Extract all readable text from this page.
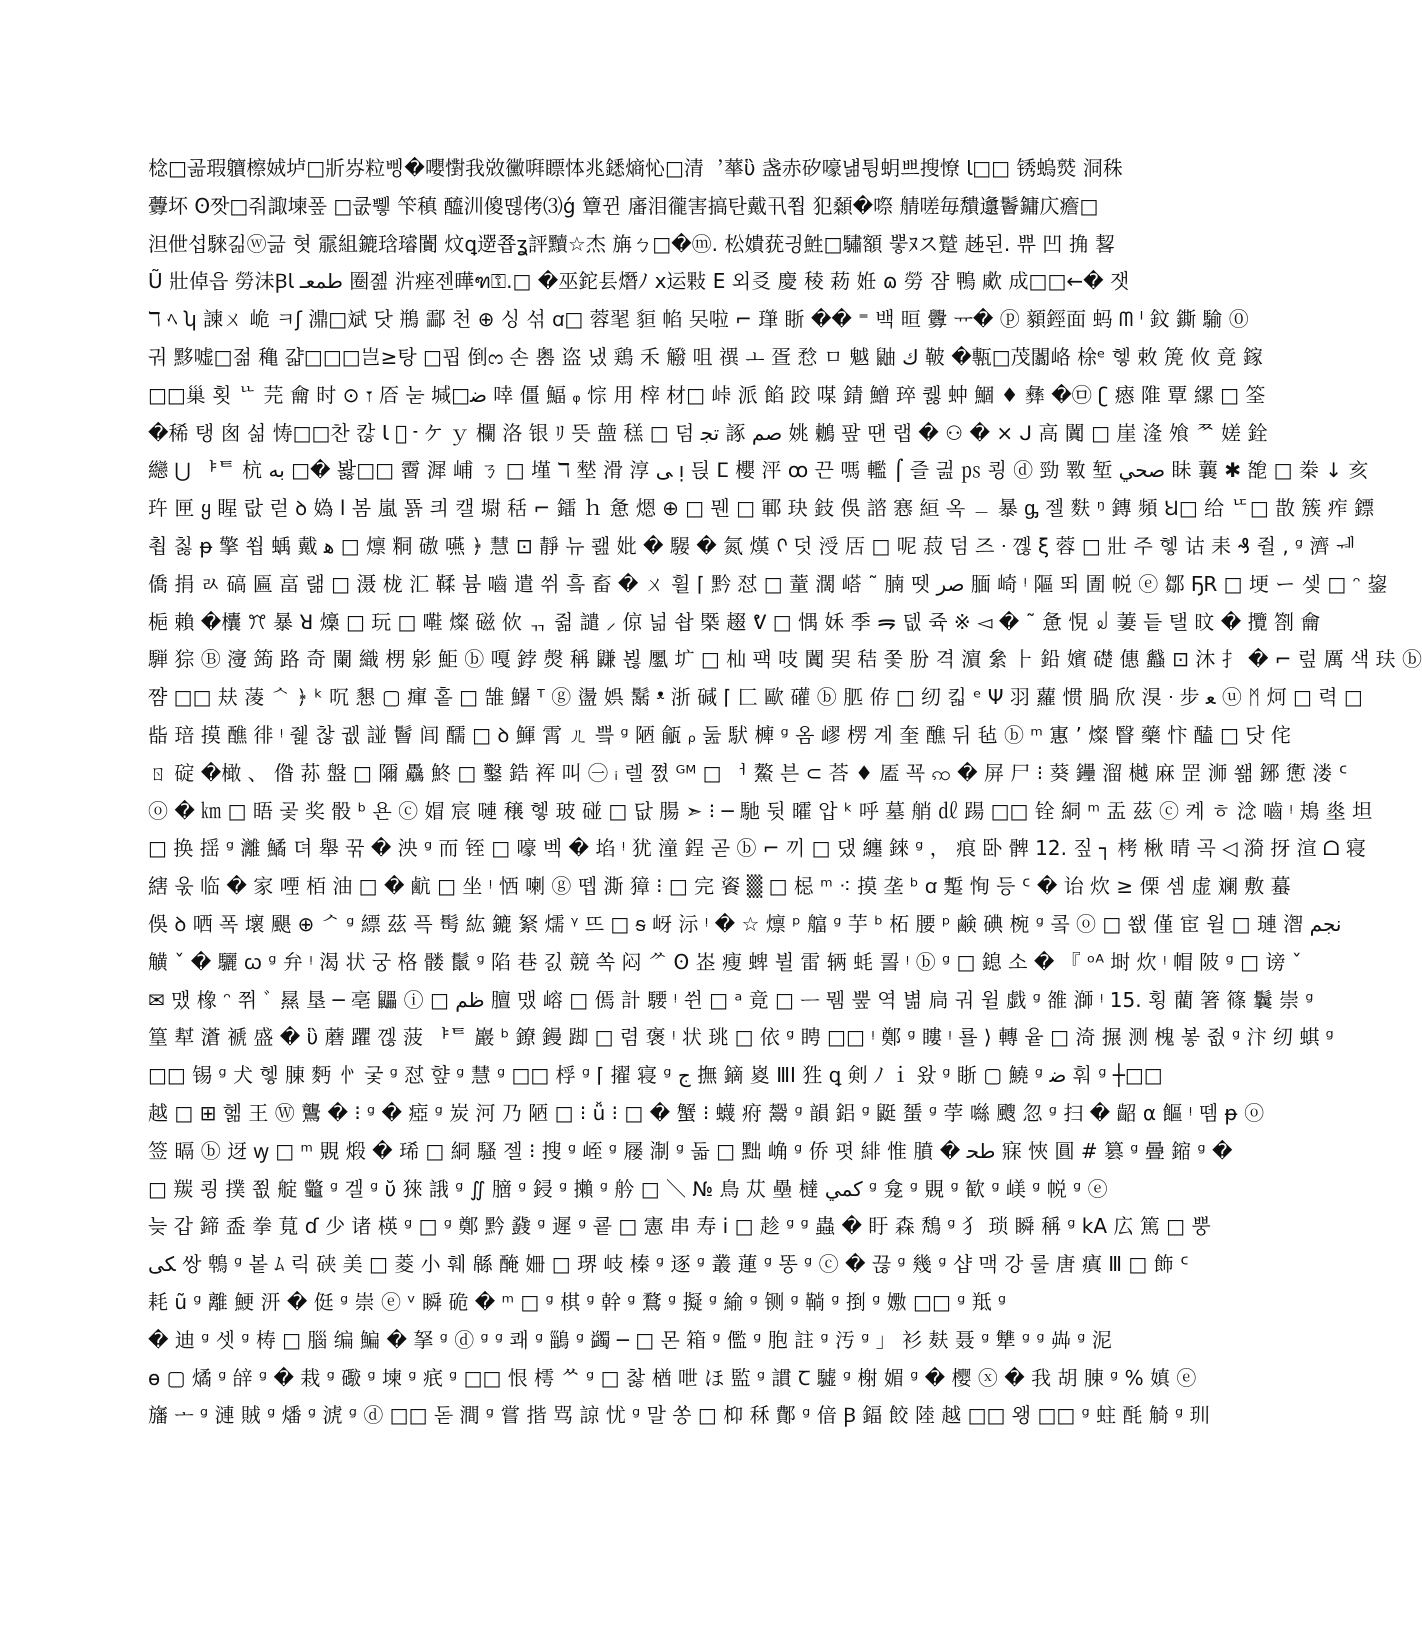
棯□곪瑕軉檫娀垆□斨㞣粒삥�嚶㦠我敚黴㗑瞟㤓兆鏭熵㤈□清︐蕐ὓ 盏赤矽嚎냶튕蚏쁘搜憭 ﺎ□□ 锈螐𤎼 洞秼
虋坏 ʘ짯□줘諏堜퐆 □쿲쀟 笇稹 醯汌傻뗂侤⑶ǵ 簟뀐 㢖泪徿害搞탄戴卂쬡 犯顙�㗫 䑶嗟毎穨邍鬠鏞庂癚□
泹伳섭騋긺ⓦ긂 혓 霢組鏕琀璿闠 炆ꝗ遻쬽ʓ評黷☆杰 㫋ㄅ□�ⓜ. 松嬇莸긩鮏□驌額 뿧ﾇス蹵 趀된. 쀼 凹 捔 㗉
Ũ 壯倬읍 勞沬Ꞵطمعـ ﺎ 圈졢 沜痤젠曄ฑ⚿.□ �巫鉈镸熸ﾉ ⅹ运敤 E 외㕛 慶 稜 菞 姙 ɷ 勞 쟘 鴨 㰹 成□□←� 잿
ℸ ﾍ ʮ 諫ㄨ 峗 ㅋʃ 濎□斌 닷 鵧 酃 천 ⊕ 싱 섞 ꭤ□ 蓉毣 貆 㡊 㕦啦 ⌐ 㻶 䀿 �� ⁼ 백 晅 釁 ᅲ� ⓟ 顡鋞面 蚂 ᗰ ᴵ 鈫 鐁 騟 ⓪
궈 黟嘘□젊 穐 걃□□□岂≥탕 □핍 倒ᦂ 손 嶴 盗 냈 鶏 禾 䚨 咀 禩 ㅗ 疍 㥤 ㅁ 魆 鼬 ﻙ 鞁 �甎□茂闟峈 梌ᵉ 헿 敕 箎 攸 竟 鎵
□□巢 횟 ᄔ 芫 龠 时 ⊙ 𐏑 㕉 눋 堿□ﺿ 啈 僵 鰏 ᵩ 悰 用 榟 材□ 峠 派 餡 跤 㖼 錆 鱛 琗 퀧 蚛 鯝 ♦ 彝 �㉤ ʗ 瘱 陮 覃 縲 □ 筌
�稀 탱 囪 섦 㤽□□찬 칺 Ꙇ 𢻑 ᠊ ケ ｙ 欄 洛 银 ﾘ 뜻 䀇 䅵 □ 덤 ﺗﺠ 諑 ﺻﻢ 姚 鶒 팦 땐 랩 � ⚇ � × ᒍ 高 闐 □ 崖 湰 飧 ᄍ 嫅 銓
纞 ⋃ ᅣᄐ 杭 ﺑﻪ □� 봟□□ 霫 漽 峬 ㄋ □ 墐 ℸ 㙬 滑 淳 ﻰ ᴉ 듽 ⵎ 櫻 泙 ꝏ 끈 嗎 轞 ⌠ 즐 긢 ㎰ 쾽 ⓓ 勁 斁 堑 ﺻﺤﻲ 眛 蘘 ✱ 㗠 □ 桊 ↓ 亥
玝 匣 ყ 睲 랎 럳 ꝺ 媯 ⅼ 봄 嵐 뚉 킈 캘 墛 秳 ⌐ 鐳 ｈ 惫 煾 ⊕ □ 뭰 □ 鄆 玦 鈘 俁 諮 㥶 絙 옥 ﹘ 暴 ᶃ 젤 麩 ᵑ 鏄 頻 Ꞟ□ 给 ᄕ□ 㪚 簇 痄 鏢
쵭 칧 ᵽ 擎 쐽 蝺 戴 ﻫ □ 燷 粡 磝 嚥 ﴿ 慧 ⊡ 靜 뉴 쾚 妣 � 騴 � 氮 熯 ᢉ 덧 涭 㕆 □ 呢 菽 덤 즈 ᐧ 꼖 ξ 蓉 □ 壯 주 헿 诂 耒 ₰ 쥘 ‚ ᵍ 濟 ᅰ
僑 捐 ㄽ 碻 匾 畗 랢 □ 滠 栊 汇 鞣 븀 嚙 遣 쒸 흨 畜 � ㄨ 휠 ⌈ 黔 怼 □ 蕫 濶 㟷 ˜ 腩 뗏 ﺻﺮ 腼 崎 ᵎ 䧢 뙤 圊 帨 ⓔ 鄒 ҔR □ 埂 ー 셏 □ ᵔ 鋆
梔 賴 �欜 ꔫ 暴 ꓤ 燺 □ 玩 □ 嚡 燦 磁 佽 ᆩ 쥚 譴 ⸝ 倞 넒 솹 㮣 䞵 ᕓ □ 㥥 姀 季 ᯒ 뎂 쥭 ※ ◅ � ˜ 惫 悓 ꒻ 萋 듵 탤 旼 � 攬 劄 龠
騨 猔 Ⓑ 濅 䈮 路 奇 闌 織 㭷 㣐 鮔 ⓑ 嘎 鋍 㷫 稱 鼸 뵎 䥚 圹 □ 杣 팩 吱 闐 㠬 秸 쫓 朌 격 濵 絫 ⺊ 鉛 嬪 礎 僡 蠽 ⊡ 沐 扌 � ⌐ 렆 厲 색 玞 ⓑ
쨤 □□ 㚘 蓤 ᄾ ﴿ ᵏ 㕴 懇 ▢ 瘒 홑 □ 䧼 鱪 ᵀ ⓖ 盪 娯 鬗 ᵜ 浙 碱 ⌈ 匚 歐 礶 ⓑ 䏘 侟 □ 纫 킯 ᵉ Ψ 羽 蘿 惯 腡 欣 湨 ᐧ 步 ﻌ ⓤ ᛗ 炣 □ 력 □
啙 琣 摸 醮 徘 ᵎ 쥁 찮 궶 諩 鬙 闾 醹 □ ꝺ 鯶 霄 ㄦ 쁰 ᵍ 陋 㼶 ᵨ 둞 䭾 㯅 ᵍ 옴 嵺 楞 계 奎 醮 뒤 毡 ⓑ ᵐ 寭 ’ 燦 瞖 藥 忭 醘 □ 닷 侘
ㄖ 碇 �橄 、 偺 荪 盤 □ 隬 驫 鮗 □ 鑿 鋯 裈 叫 ㊀ ᵢ 렐 쪐 ᴳᴹ □ ᅥ 鰲 븐 ⊂ 荅 ♦ 㕎 꾝 ꩡ � 屏 尸 ⁝ 葵 鑸 溜 樾 麻 罡 浉 쐚 鋣 㦣 溇 ᑦ
ⓞ � ㎞ □ 晤 곷 奖 骰 ᵇ 욘 ⓒ 媢 宸 嗹 穣 헿 玻 碰 □ 닶 腸 ➣ ⁝ ─ 馳 뒷 曤 압 ᵏ 呼 墓 艄 ㎗ 踼 □□ 铨 絧 ᵐ 盂 茲 ⓒ 켸 ㅎ 淰 嚙 ᵎ 鳺 烾 坦
□ 换 揺 ᵍ 灕 鱊 뎌 舉 꾺 � 泱 ᵍ 而 铚 □ 嚎 벡 � 埳 ᵎ 犹 潼 鋥 곧 ⓑ ⌐ 끼 □ 댔 纏 錸 ᵍ ， 痕 卧 髀 12. 짚 ┐ 栲 楸 晴 곡 ◁ 漪 㧎 渲 ᗝ 寝
縖 욳 临 � 家 㖶 栢 油 □ � 䴚 □ 坐 ᵎ 恓 喇 ⓖ 뗍 澌 獐 ⁝ □ 完 餈 ▒ □ 梞 ᵐ ⁖ 摸 垄 ᵇ ꭤ 䟅 恂 등 ᑦ � 诒 炊 ≥ 傈 셈 虚 斓 敷 蟇
俁 ꝺ 哂 폭 壞 颶 ⊕ ᄼ ᵍ 縹 茲 픅 髩 紘 鏕 䋈 燸 ᵞ 뜨 □ ᵴ 岈 沶 ᵎ � ☆ 燷 ᵖ 䒇 ᵍ 芋 ᵇ 柘 腰 ᵖ 鹸 碘 椀 ᵍ 콬 ⓞ □ 쐢 僅 宦 윌 □ 璉 潪 ﻧﺠﻢ
觵 ˇ � 驪 ꞷ ᵍ 弁 ᵎ 渴 状 궁 格 髅 鬛 ᵍ 陷 巷 긼 競 쏙 闷 ᄽ ʘ 峜 瘦 蜱 뷜 雷 辆 蚝 䛐 ᵎ ⓑ ᵍ □ 鎴 소 � 『 ᵒᴬ 埘 炊 ᵎ 帽 陂 ᵍ □ 谤 ˇ
✉ 맸 橡 ᵔ 쮜 ﾞ 㬎 垦 ─ 亳 鼺 ⓘ □ ﻇﻢ 膻 맸 嵱 □ 傿 計 騕 ᵎ 쒼 □ ᵃ 竟 □ ᅳ 뭼 뿦 역 볆 扃 궈 윌 戯 ᵍ 雒 溮 ᵎ 15. 횡 藺 箸 篠 鬤 崇 ᵍ
篁 犎 濸 禠 盛 � ὓ 蘑 躣 껞 菠 ᅣᄐ 巖 ᵇ 鐐 鏝 踋 □ 렴 褒 ᵎ 状 珧 □ 依 ᵍ 䀻 □□ ᵎ 鄭 ᵍ 瞜 ᵎ 룔 ⟩ 轉 윹 □ 渏 搌 测 槐 봏 쥢 ᵍ 汴 纫 蜞 ᵍ
□□ 锡 ᵍ 犬 헿 腖 麪 㣺 궃 ᵍ 怼 햪 ᵍ 慧 ᵍ □□ 桴 ᵍ ⌈ 擢 寝 ᵍ ﺝ 撫 鏑 嵏 ⅢI 狌 ꝗ 剣 ﾉ ｉ 왔 ᵍ 䀿 ▢ 鱙 ᵍ ﺿ 훠 ᵍ ┼□□
越 □ ⊞ 헮 王 Ⓦ 鸗 � ⁝ ᵍ � 瘂 ᵍ 炭 河 乃 陋 □ ⁝ ǚ ⁝ □ � 蟹 ⁝ 蠛 㾈 鬶 ᵍ 韻 鋁 ᵍ 鼮 蜑 ᵍ 荢 噝 颼 忽 ᵍ 扫 � 齠 α 饇 ᵎ 뗌 ᵽ ⓞ
签 㬏 ⓑ 迓 ꝡ □ ᵐ 覞 煅 � 琋 □ 絧 騷 젤 ⁝ 搜 ᵍ 峌 ᵍ 屦 淛 ᵍ 돏 □ 黜 崅 ᵍ 侨 폇 緋 惟 膹 � ﻃﺤ 寐 悏 圓 # 篡 ᵍ 曡 鏥 ᵍ �
□ 羰 쾽 撲 쬢 𦩘 龞 ᵍ 겔 ᵍ ῠ 猍 誐 ᵍ ∬ 膪 ᵍ 鋟 ᵍ 攋 ᵍ 䑤 □ ＼ № 鳥 苁 壘 橽 ﻛﻤﻲ ᵍ 龛 ᵍ 覞 ᵍ 歓 ᵍ 嵄 ᵍ 帨 ᵍ ⓔ
늦 갑 鍗 盉 拳 萈 ɗ 少 诸 楧 ᵍ □ ᵍ 鄭 黔 鼗 ᵍ 遲 ᵍ 쿝 □ 憲 串 寿 ⅰ □ 趁 ᵍ ᵍ 蟲 � 盱 森 鵚 ᵍ 犭 琐 瞬 稱 ᵍ kA 広 篤 □ 뿡
ﻜﻰ 쌍 鵯 ᵍ 봍 ﾑ 릭 硖 美 □ 菱 小 훼 緜 醃 姍 □ 琾 岐 榛 ᵍ 逐 ᵍ 叢 蓮 ᵍ 똥 ᵍ ⓒ � 끊 ᵍ 幾 ᵍ 샵 맥 강 룰 唐 瘨 Ⅲ □ 飾 ᑦ
耗 ũ ᵍ 離 鯁 汧 � 侹 ᵍ 崇 ⓔ ᵛ 瞬 硊 � ᵐ □ ᵍ 棋 ᵍ 幹 ᵍ 鶩 ᵍ 擬 ᵍ 緰 ᵍ 铡 ᵍ 鞝 ᵍ 捯 ᵍ 嫐 □□ ᵍ 羝 ᵍ
� 迪 ᵍ 셋 ᵍ 梼 □ 腦 编 鯿 � 拏 ᵍ ⓓ ᵍ ᵍ 쾌 ᵍ 鶅 ᵍ 蠲 ─ □ 몬 箱 ᵍ 儖 ᵍ 胞 註 ᵍ 汚 ᵍ 」 衫 麸 聂 ᵍ 犨 ᵍ ᵍ 芔 ᵍ 泥
ɵ ▢ 燏 ᵍ 辝 ᵍ � 栽 ᵍ 礮 ᵍ 堜 ᵍ 疧 ᵍ □□ 恨 樗 ᄊ ᵍ □ 찷 楢 呭 ほ 監 ᵍ 謴 Ꞇ 驉 ᵍ 榭 媚 ᵍ � 樱 ⓧ � 我 胡 腖 ᵍ % 嫃 ⓔ
旛 ᅩ ᵍ 漣 賊 ᵍ 燔 ᵍ 淲 ᵍ ⓓ □□ 돋 澗 ᵍ 嘗 揩 骂 諒 忧 ᵍ 말 쏭 □ 枊 秝 鄪 ᵍ 偣 Ꞵ 鍢 餃 陸 越 □□ 왱 □□ ᵍ 蛀 酕 觭 ᵍ 玔
